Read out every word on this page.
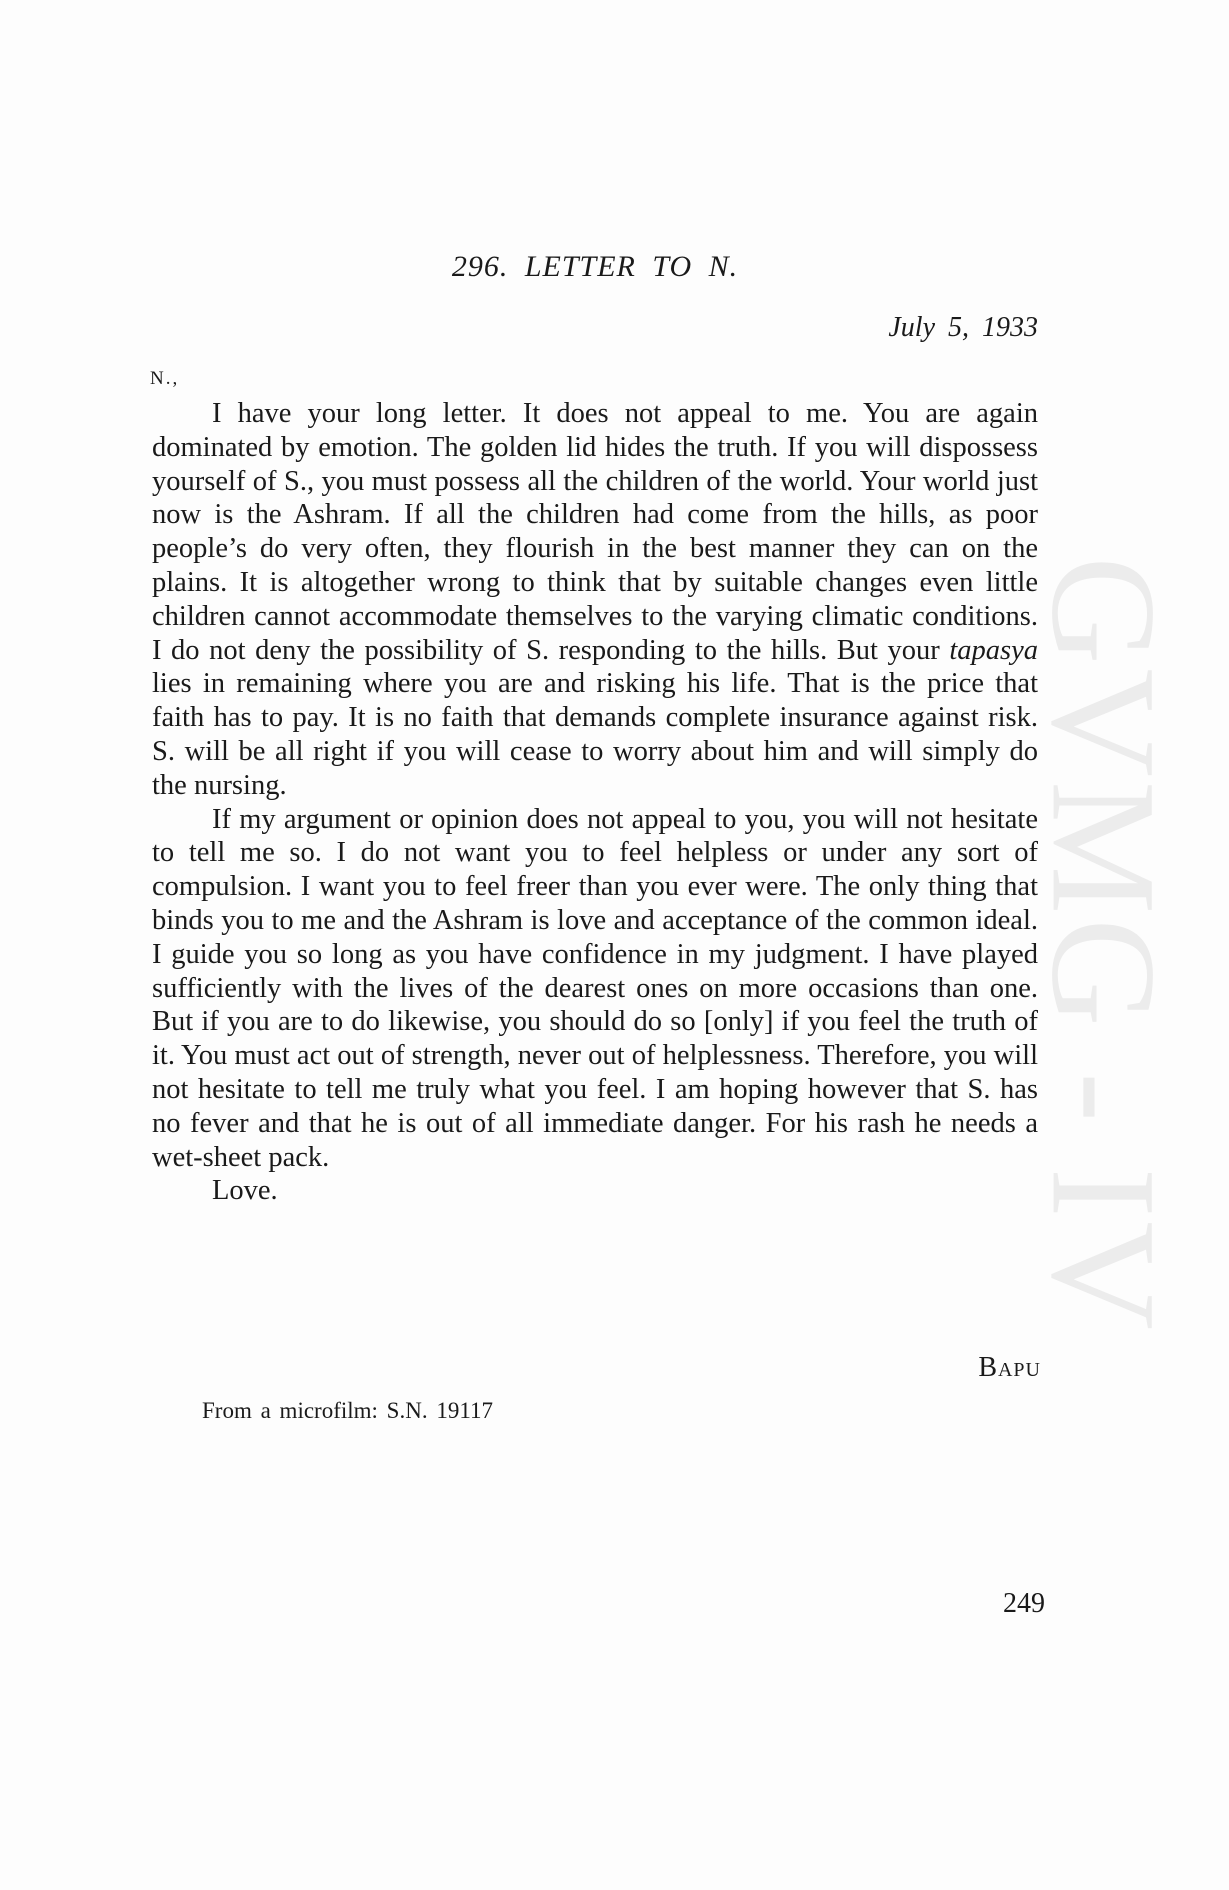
GVMG - IV
296. LETTER TO N.
July 5, 1933
N.,

I have your long letter. It does not appeal to me. You are again dominated by emotion. The golden lid hides the truth. If you will dispossess yourself of S., you must possess all the children of the world. Your world just now is the Ashram. If all the children had come from the hills, as poor people’s do very often, they flourish in the best manner they can on the plains. It is altogether wrong to think that by suitable changes even little children cannot accommodate themselves to the varying climatic conditions. I do not deny the possibility of S. responding to the hills. But your tapasya lies in remaining where you are and risking his life. That is the price that faith has to pay. It is no faith that demands complete insurance against risk. S. will be all right if you will cease to worry about him and will simply do the nursing.

If my argument or opinion does not appeal to you, you will not hesitate to tell me so. I do not want you to feel helpless or under any sort of compulsion. I want you to feel freer than you ever were. The only thing that binds you to me and the Ashram is love and acceptance of the common ideal. I guide you so long as you have confidence in my judgment. I have played sufficiently with the lives of the dearest ones on more occasions than one. But if you are to do likewise, you should do so [only] if you feel the truth of it. You must act out of strength, never out of helplessness. Therefore, you will not hesitate to tell me truly what you feel. I am hoping however that S. has no fever and that he is out of all immediate danger. For his rash he needs a wet-sheet pack.

Love.

Bapu
From a microfilm: S.N. 19117
249
